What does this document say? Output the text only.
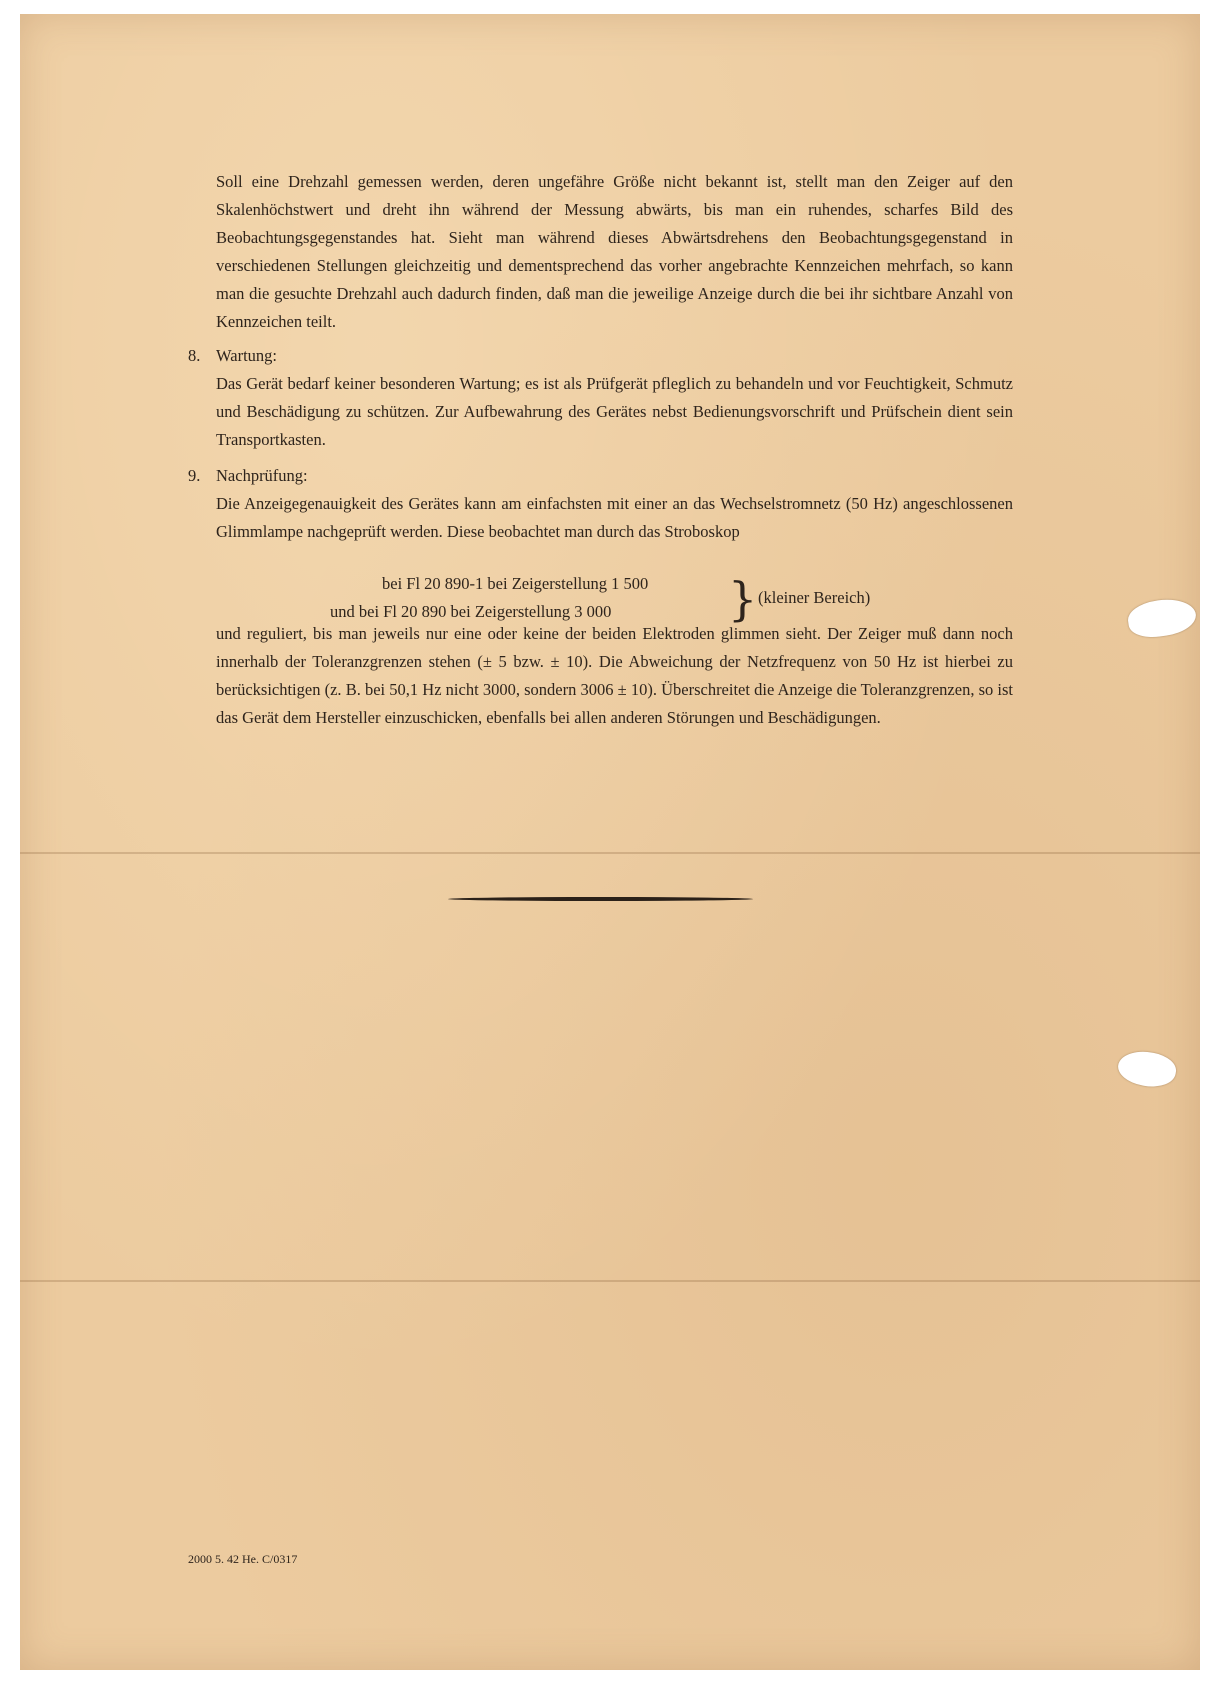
Soll eine Drehzahl gemessen werden, deren ungefähre Größe nicht bekannt ist, stellt man den Zeiger auf den Skalenhöchstwert und dreht ihn während der Messung abwärts, bis man ein ruhendes, scharfes Bild des Beobachtungsgegenstandes hat. Sieht man während dieses Abwärtsdrehens den Beobachtungsgegenstand in verschiedenen Stellungen gleichzeitig und dementsprechend das vorher angebrachte Kennzeichen mehrfach, so kann man die gesuchte Drehzahl auch dadurch finden, daß man die jeweilige Anzeige durch die bei ihr sichtbare Anzahl von Kennzeichen teilt.
8. Wartung:
Das Gerät bedarf keiner besonderen Wartung; es ist als Prüfgerät pfleglich zu behandeln und vor Feuchtigkeit, Schmutz und Beschädigung zu schützen. Zur Aufbewahrung des Gerätes nebst Bedienungsvorschrift und Prüfschein dient sein Transportkasten.
9. Nachprüfung:
Die Anzeigegenauigkeit des Gerätes kann am einfachsten mit einer an das Wechselstromnetz (50 Hz) angeschlossenen Glimmlampe nachgeprüft werden. Diese beobachtet man durch das Stroboskop
bei Fl 20 890-1 bei Zeigerstellung 1 500
und bei Fl 20 890 bei Zeigerstellung 3 000	} (kleiner Bereich)
und reguliert, bis man jeweils nur eine oder keine der beiden Elektroden glimmen sieht. Der Zeiger muß dann noch innerhalb der Toleranzgrenzen stehen (± 5 bzw. ± 10). Die Abweichung der Netzfrequenz von 50 Hz ist hierbei zu berücksichtigen (z. B. bei 50,1 Hz nicht 3000, sondern 3006 ± 10). Überschreitet die Anzeige die Toleranzgrenzen, so ist das Gerät dem Hersteller einzuschicken, ebenfalls bei allen anderen Störungen und Beschädigungen.
2000 5. 42 He. C/0317
